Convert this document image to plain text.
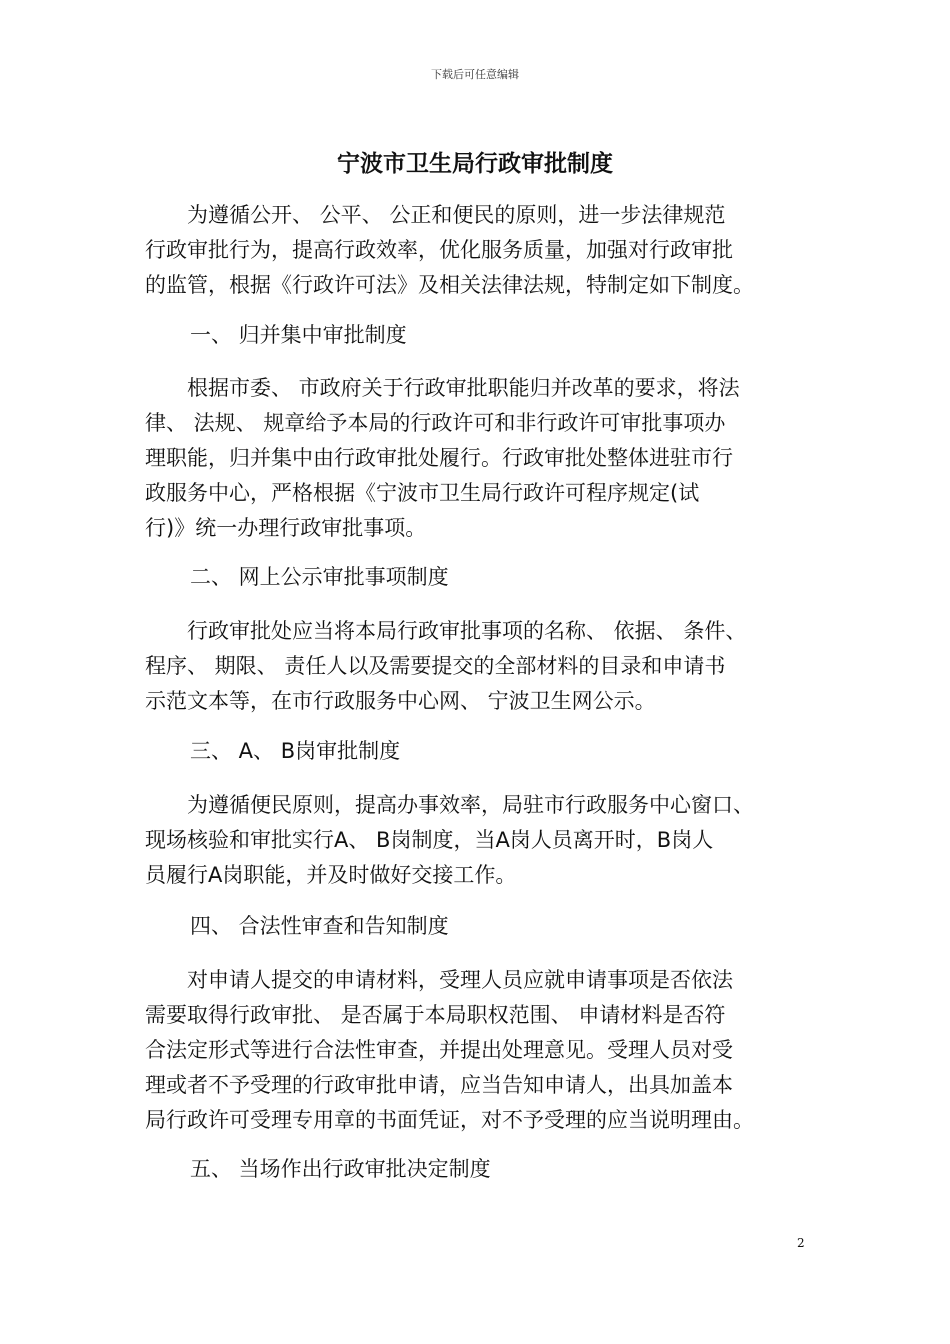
下载后可任意编辑
宁波市卫生局行政审批制度
　　为遵循公开、 公平、 公正和便民的原则，进一步法律规范
行政审批行为，提高行政效率，优化服务质量，加强对行政审批
的监管，根据《行政许可法》及相关法律法规，特制定如下制度。
一、 归并集中审批制度
　　根据市委、 市政府关于行政审批职能归并改革的要求，将法
律、 法规、 规章给予本局的行政许可和非行政许可审批事项办
理职能，归并集中由行政审批处履行。行政审批处整体进驻市行
政服务中心，严格根据《宁波市卫生局行政许可程序规定(试
行)》统一办理行政审批事项。
二、 网上公示审批事项制度
　　行政审批处应当将本局行政审批事项的名称、 依据、 条件、
程序、 期限、 责任人以及需要提交的全部材料的目录和申请书
示范文本等，在市行政服务中心网、 宁波卫生网公示。
三、 A、 B岗审批制度
　　为遵循便民原则，提高办事效率，局驻市行政服务中心窗口、
现场核验和审批实行A、 B岗制度，当A岗人员离开时，B岗人
员履行A岗职能，并及时做好交接工作。
四、 合法性审查和告知制度
　　对申请人提交的申请材料，受理人员应就申请事项是否依法
需要取得行政审批、 是否属于本局职权范围、 申请材料是否符
合法定形式等进行合法性审查，并提出处理意见。受理人员对受
理或者不予受理的行政审批申请，应当告知申请人，出具加盖本
局行政许可受理专用章的书面凭证，对不予受理的应当说明理由。
五、 当场作出行政审批决定制度
2
